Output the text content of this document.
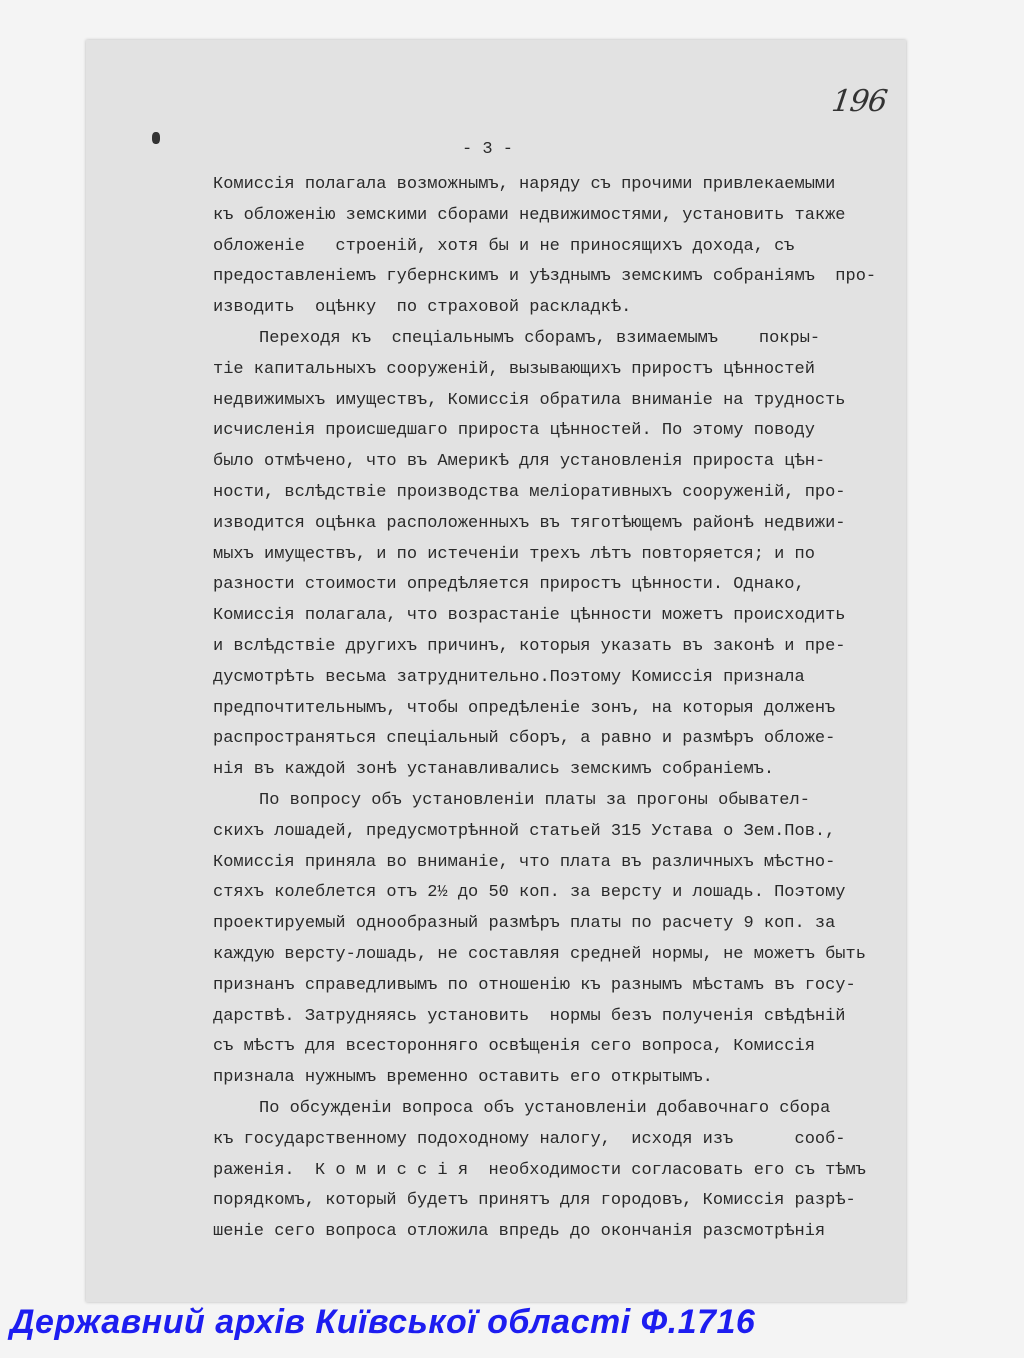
196
- 3 -
Комиссія полагала возможнымъ, наряду съ прочими привлекаемыми
къ обложенію земскими сборами недвижимостями, установить также
обложеніе   строеній, хотя бы и не приносящихъ дохода, съ
предоставленіемъ губернскимъ и уѣзднымъ земскимъ собраніямъ  про-
изводить  оцѣнку  по страховой раскладкѣ.
Переходя къ  спеціальнымъ сборамъ, взимаемымъ    покры-
тіе капитальныхъ сооруженій, вызывающихъ приростъ цѣнностей
недвижимыхъ имуществъ, Комиссія обратила вниманіе на трудность
исчисленія происшедшаго прироста цѣнностей. По этому поводу
было отмѣчено, что въ Америкѣ для установленія прироста цѣн-
ности, вслѣдствіе производства меліоративныхъ сооруженій, про-
изводится оцѣнка расположенныхъ въ тяготѣющемъ районѣ недвижи-
мыхъ имуществъ, и по истеченіи трехъ лѣтъ повторяется; и по
разности стоимости опредѣляется приростъ цѣнности. Однако,
Комиссія полагала, что возрастаніе цѣнности можетъ происходить
и вслѣдствіе другихъ причинъ, которыя указать въ законѣ и пре-
дусмотрѣть весьма затруднительно.Поэтому Комиссія признала
предпочтительнымъ, чтобы опредѣленіе зонъ, на которыя долженъ
распространяться спеціальный сборъ, а равно и размѣръ обложе-
нія въ каждой зонѣ устанавливались земскимъ собраніемъ.
По вопросу объ установленіи платы за прогоны обывател-
скихъ лошадей, предусмотрѣнной статьей 315 Устава о Зем.Пов.,
Комиссія приняла во вниманіе, что плата въ различныхъ мѣстно-
стяхъ колеблется отъ 2½ до 50 коп. за версту и лошадь. Поэтому
проектируемый однообразный размѣръ платы по расчету 9 коп. за
каждую версту-лошадь, не составляя средней нормы, не можетъ быть
признанъ справедливымъ по отношенію къ разнымъ мѣстамъ въ госу-
дарствѣ. Затрудняясь установить  нормы безъ полученія свѣдѣній
съ мѣстъ для всесторонняго освѣщенія сего вопроса, Комиссія
признала нужнымъ временно оставить его открытымъ.
По обсужденіи вопроса объ установленіи добавочнаго сбора
къ государственному подоходному налогу,  исходя изъ      сооб-
раженія.  К о м и с с і я  необходимости согласовать его съ тѣмъ
порядкомъ, который будетъ принятъ для городовъ, Комиссія разрѣ-
шеніе сего вопроса отложила впредь до окончанія разсмотрѣнія
Державний архів Київської області Ф.1716
